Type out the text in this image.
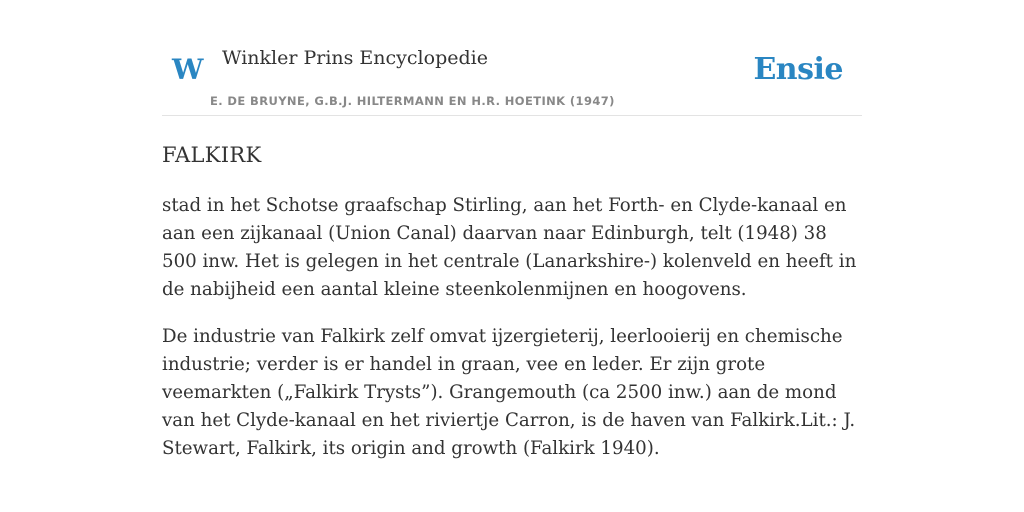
W Winkler Prins Encyclopedie
E. DE BRUYNE, G.B.J. HILTERMANN EN H.R. HOETINK (1947)
Ensie
FALKIRK

stad in het Schotse graafschap Stirling, aan het Forth- en Clyde-kanaal en aan een zijkanaal (Union Canal) daarvan naar Edinburgh, telt (1948) 38 500 inw. Het is gelegen in het centrale (Lanarkshire-) kolenveld en heeft in de nabijheid een aantal kleine steenkolenmijnen en hoogovens.

De industrie van Falkirk zelf omvat ijzergieterij, leerlooierij en chemische industrie; verder is er handel in graan, vee en leder. Er zijn grote veemarkten („Falkirk Trysts”). Grangemouth (ca 2500 inw.) aan de mond van het Clyde-kanaal en het riviertje Carron, is de haven van Falkirk.Lit.: J. Stewart, Falkirk, its origin and growth (Falkirk 1940).
